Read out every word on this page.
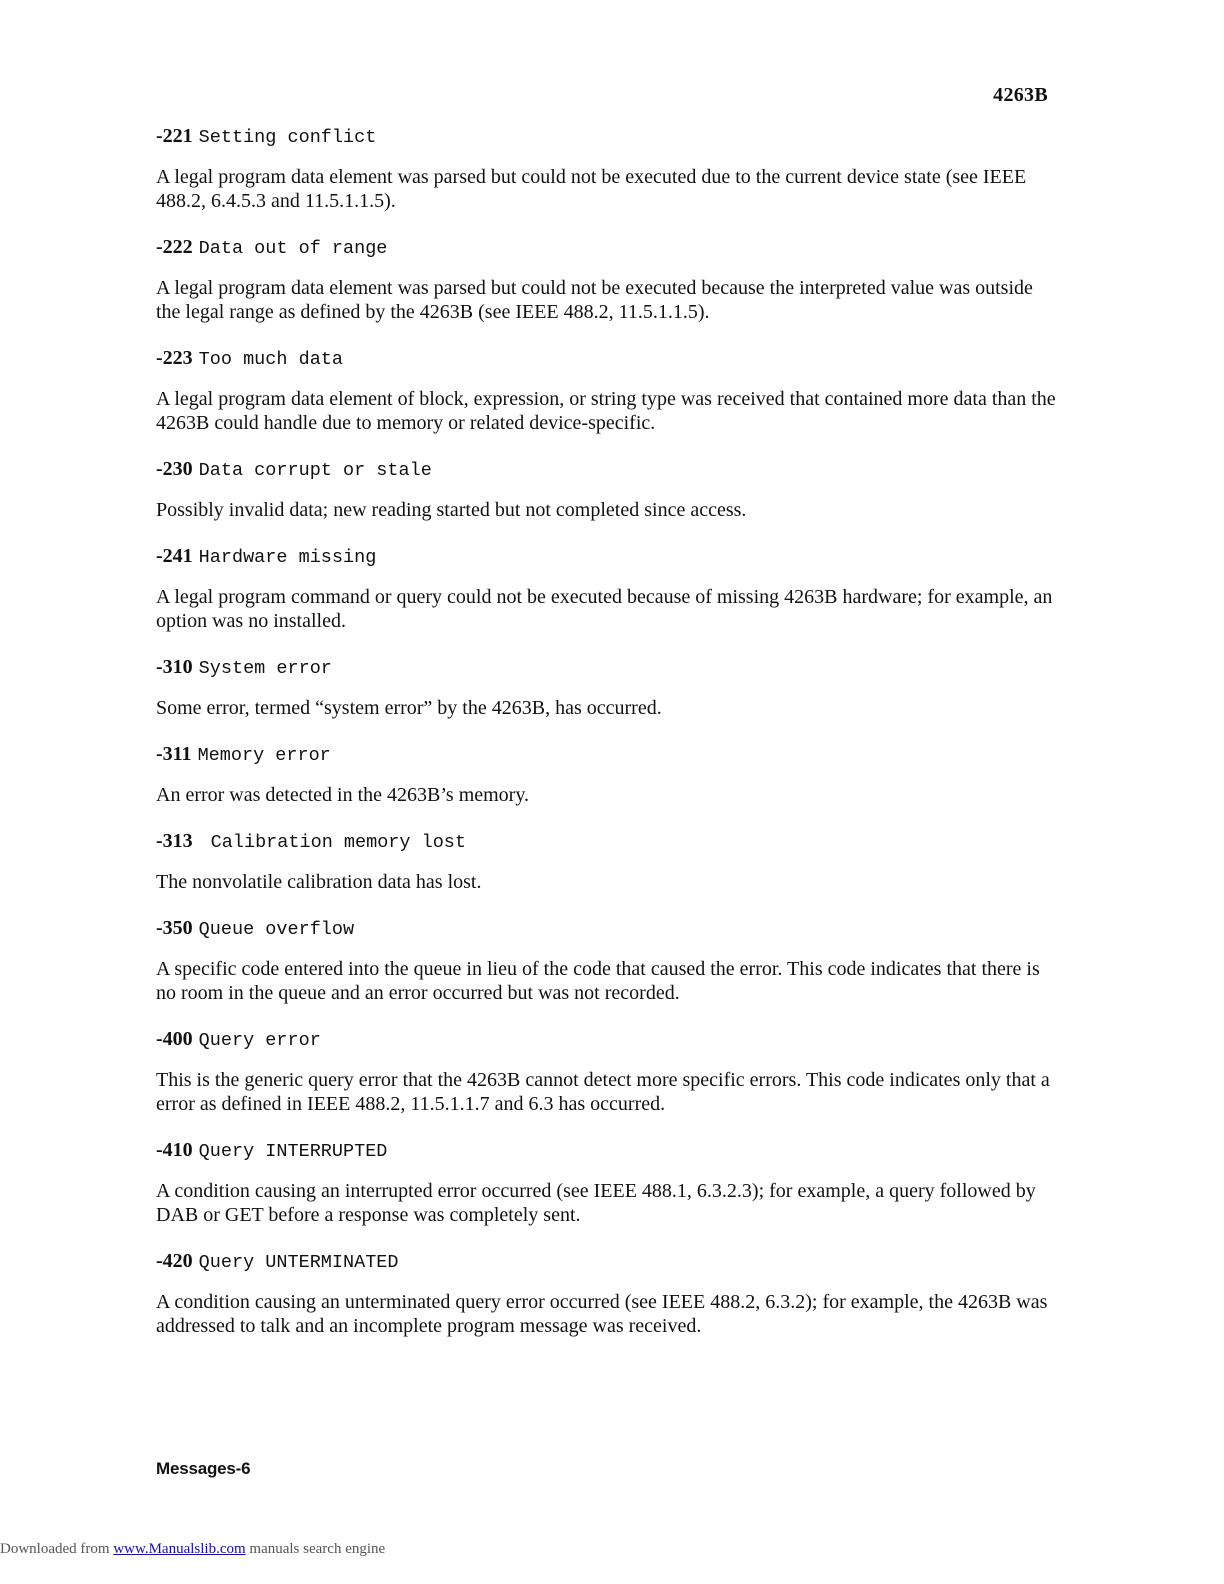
4263B
-221 Setting conflict
A legal program data element was parsed but could not be executed due to the current device state (see IEEE 488.2, 6.4.5.3 and 11.5.1.1.5).
-222 Data out of range
A legal program data element was parsed but could not be executed because the interpreted value was outside the legal range as defined by the 4263B (see IEEE 488.2, 11.5.1.1.5).
-223 Too much data
A legal program data element of block, expression, or string type was received that contained more data than the 4263B could handle due to memory or related device-specific.
-230 Data corrupt or stale
Possibly invalid data; new reading started but not completed since access.
-241 Hardware missing
A legal program command or query could not be executed because of missing 4263B hardware; for example, an option was no installed.
-310 System error
Some error, termed “system error” by the 4263B, has occurred.
-311 Memory error
An error was detected in the 4263B’s memory.
-313 Calibration memory lost
The nonvolatile calibration data has lost.
-350 Queue overflow
A specific code entered into the queue in lieu of the code that caused the error. This code indicates that there is no room in the queue and an error occurred but was not recorded.
-400 Query error
This is the generic query error that the 4263B cannot detect more specific errors. This code indicates only that a error as defined in IEEE 488.2, 11.5.1.1.7 and 6.3 has occurred.
-410 Query INTERRUPTED
A condition causing an interrupted error occurred (see IEEE 488.1, 6.3.2.3); for example, a query followed by DAB or GET before a response was completely sent.
-420 Query UNTERMINATED
A condition causing an unterminated query error occurred (see IEEE 488.2, 6.3.2); for example, the 4263B was addressed to talk and an incomplete program message was received.
Messages-6
Downloaded from www.Manualslib.com manuals search engine
